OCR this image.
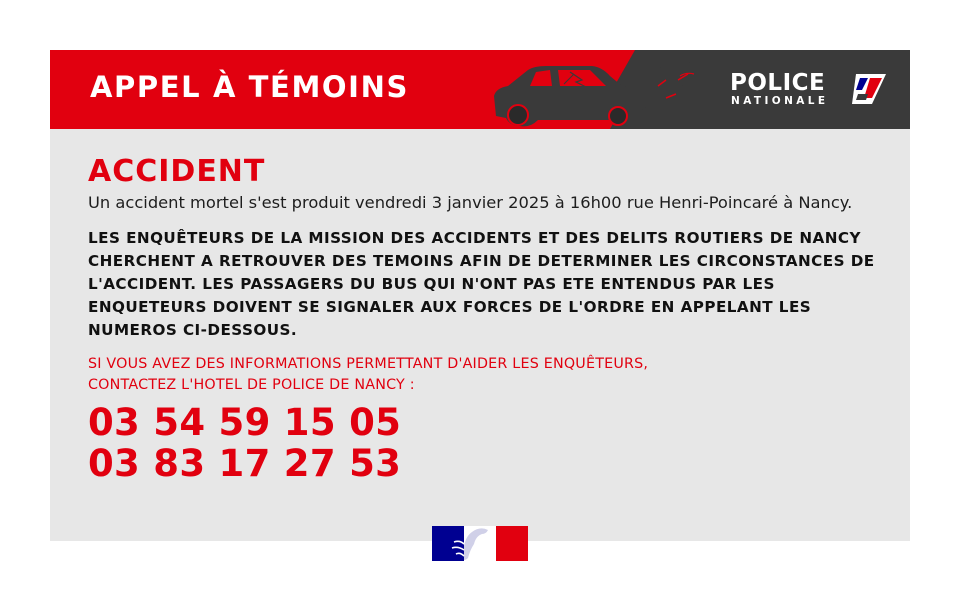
APPEL À TÉMOINS	POLICE
NATIONALE
ACCIDENT

Un accident mortel s'est produit vendredi 3 janvier 2025 à 16h00 rue Henri-Poincaré à Nancy.

LES ENQUÊTEURS DE LA MISSION DES ACCIDENTS ET DES DELITS ROUTIERS DE NANCY CHERCHENT A RETROUVER DES TEMOINS AFIN DE DETERMINER LES CIRCONSTANCES DE L'ACCIDENT. LES PASSAGERS DU BUS QUI N'ONT PAS ETE ENTENDUS PAR LES ENQUETEURS DOIVENT SE SIGNALER AUX FORCES DE L'ORDRE EN APPELANT LES NUMEROS CI-DESSOUS.

SI VOUS AVEZ DES INFORMATIONS PERMETTANT D'AIDER LES ENQUÊTEURS,
CONTACTEZ L'HOTEL DE POLICE DE NANCY :

03 54 59 15 05

03 83 17 27 53
